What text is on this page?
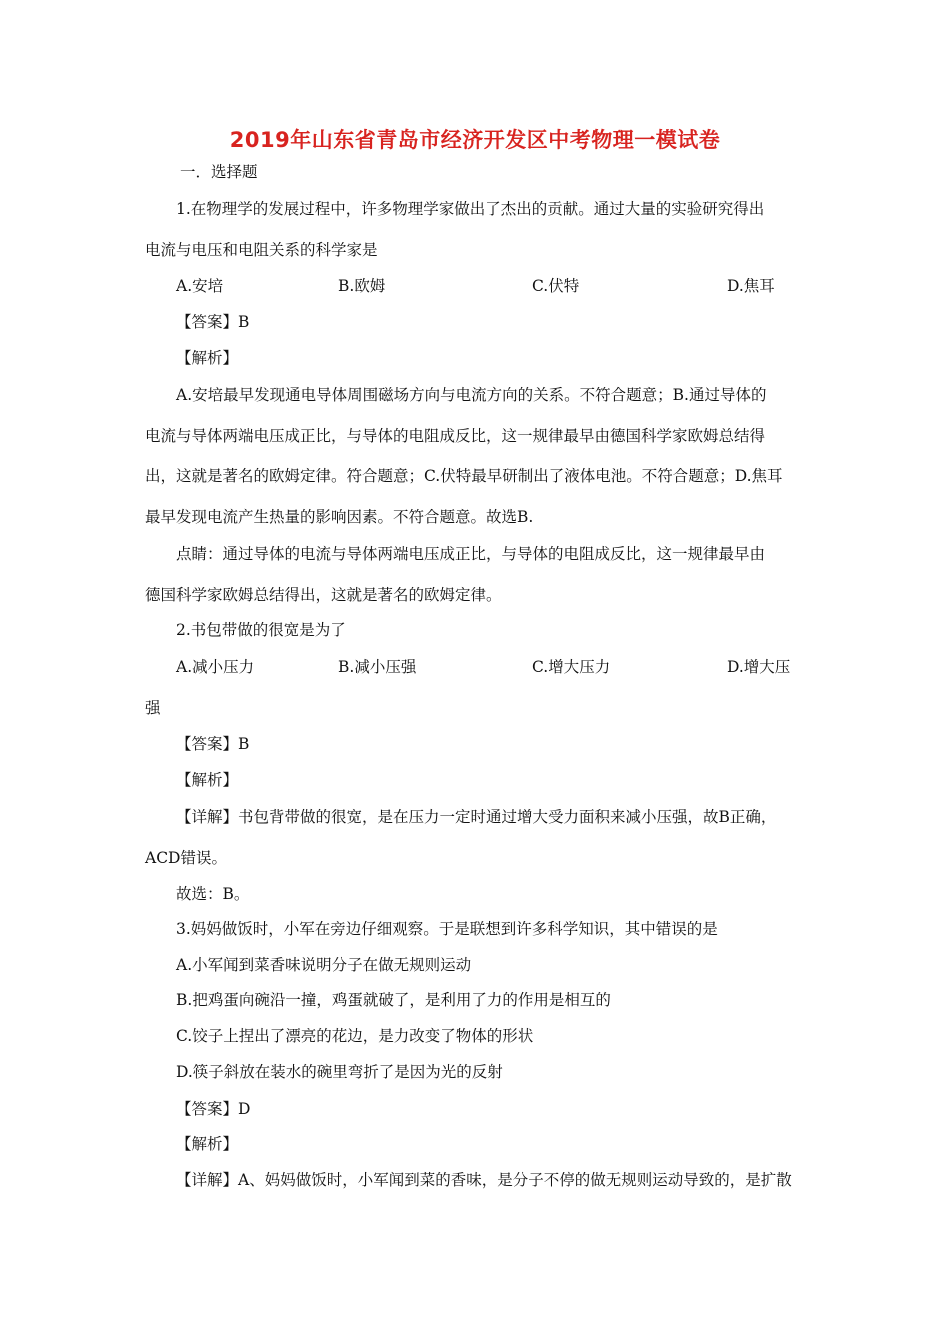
2019年山东省青岛市经济开发区中考物理一模试卷
一．选择题
1.在物理学的发展过程中，许多物理学家做出了杰出的贡献。通过大量的实验研究得出
电流与电压和电阻关系的科学家是
A.安培	B.欧姆	C.伏特	D.焦耳
【答案】B
【解析】
A.安培最早发现通电导体周围磁场方向与电流方向的关系。不符合题意；B.通过导体的
电流与导体两端电压成正比，与导体的电阻成反比，这一规律最早由德国科学家欧姆总结得
出，这就是著名的欧姆定律。符合题意；C.伏特最早研制出了液体电池。不符合题意；D.焦耳
最早发现电流产生热量的影响因素。不符合题意。故选B.
点睛：通过导体的电流与导体两端电压成正比，与导体的电阻成反比，这一规律最早由
德国科学家欧姆总结得出，这就是著名的欧姆定律。
2.书包带做的很宽是为了
A.减小压力	B.减小压强	C.增大压力	D.增大压
强
【答案】B
【解析】
【详解】书包背带做的很宽，是在压力一定时通过增大受力面积来减小压强，故B正确，
ACD错误。
故选：B。
3.妈妈做饭时，小军在旁边仔细观察。于是联想到许多科学知识，其中错误的是
A.小军闻到菜香味说明分子在做无规则运动
B.把鸡蛋向碗沿一撞，鸡蛋就破了，是利用了力的作用是相互的
C.饺子上捏出了漂亮的花边，是力改变了物体的形状
D.筷子斜放在装水的碗里弯折了是因为光的反射
【答案】D
【解析】
【详解】A、妈妈做饭时，小军闻到菜的香味，是分子不停的做无规则运动导致的，是扩散
